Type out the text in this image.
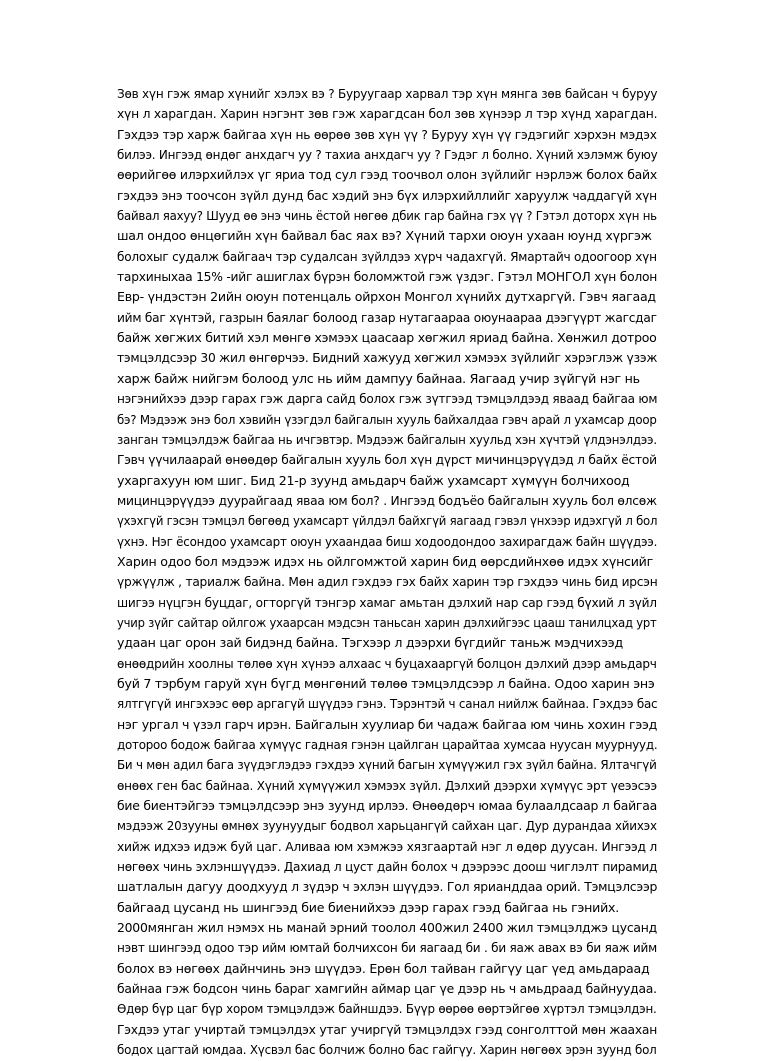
Зөв хүн гэж ямар хүнийг хэлэх вэ ? Буруугаар харвал тэр хүн мянга зөв байсан ч буруу
хүн л харагдан. Харин нэгэнт зөв гэж харагдсан бол зөв хүнээр л тэр хүнд харагдан.
Гэхдээ тэр харж байгаа хүн нь өөрөө зөв хүн үү ? Буруу хүн үү гэдэгийг хэрхэн мэдэх
билээ. Ингээд өндөг анхдагч уу ? тахиа анхдагч уу ? Гэдэг л болно. Хүний хэлэмж буюу
өөрийгөө илэрхийлэх үг яриа тод сул гээд тоочвол олон зүйлийг нэрлэж болох байх
гэхдээ энэ тоочсон зүйл дунд бас хэдий энэ бүх илэрхийллийг харуулж чаддагүй хүн
байвал яахуу? Шууд өө энэ чинь ёстой нөгөө дбик гар байна гэх үү ? Гэтэл доторх хүн нь
шал ондоо өнцөгийн хүн байвал бас яах вэ? Хүний тархи оюун ухаан юунд хүргэж
болохыг судалж байгаач тэр судалсан зүйлдээ хүрч чадахгүй. Ямартайч одоогоор хүн
тархиныхаа 15% -ийг ашиглах бүрэн боломжтой гэж үздэг. Гэтэл МОНГОЛ хүн болон
Евр- үндэстэн 2ийн оюун потенцаль ойрхон Монгол хүнийх дутхаргүй. Гэвч яагаад
ийм баг хүнтэй, газрын баялаг болоод газар нутагаараа оюунаараа дээгүүрт жагсдаг
байж хөгжих битий хэл мөнгө хэмээх цаасаар хөгжил яриад байна. Хөнжил дотроо
тэмцэлдсээр 30 жил өнгөрчээ. Бидний хажууд хөгжил хэмээх зүйлийг хэрэглэж үзэж
харж байж нийгэм болоод улс нь ийм дампуу байнаа. Яагаад учир зүйгүй нэг нь
нэгэнийхээ дээр гарах гэж дарга сайд болох гэж зүтгээд тэмцэлдээд яваад байгаа юм
бэ? Мэдээж энэ бол хэвийн үзэгдэл байгалын хууль байхалдаа гэвч арай л ухамсар доор
занган тэмцэлдэж байгаа нь ичгэвтэр. Мэдээж байгалын хуульд хэн хүчтэй үлдэнэлдээ.
Гэвч үүчилаарай өнөөдөр байгалын хууль бол хүн дүрст мичинцэрүүдэд л байх ёстой
ухаргахуун юм шиг. Бид 21-р зуунд амьдарч байж ухамсарт хүмүүн болчихоод
мицинцэрүүдээ дуурайгаад яваа юм бол? . Ингээд бодъёо байгалын хууль бол өлсөж
үхэхгүй гэсэн тэмцэл бөгөөд ухамсарт үйлдэл байхгүй яагаад гэвэл үнхээр идэхгүй л бол
үхнэ. Нэг ёсондоо ухамсарт оюун ухаандаа биш ходоодондоо захирагдаж байн шүүдээ.
Харин одоо бол мэдээж идэх нь ойлгомжтой харин бид өөрсдийнхөө идэх хүнсийг
үржүүлж , тариалж байна. Мөн адил гэхдээ гэх байх харин тэр гэхдээ чинь бид ирсэн
шигээ нүцгэн буцдаг, огторгүй тэнгэр хамаг амьтан дэлхий нар сар гээд бүхий л зүйл
учир зүйг сайтар ойлгож ухаарсан мэдсэн таньсан харин дэлхийгээс цааш танилцхад урт
удаан цаг орон зай бидэнд байна. Тэгхээр л дээрхи бүгдийг таньж мэдчихээд
өнөөдрийн хоолны төлөө хүн хүнээ алхаас ч буцахааргүй болцон дэлхий дээр амьдарч
буй 7 тэрбум гаруй хүн бүгд мөнгөний төлөө тэмцэлдсээр л байна. Одоо харин энэ
ялтгүгүй ингэхээс өөр аргагүй шүүдээ гэнэ. Тэрэнтэй ч санал нийлж байнаа. Гэхдээ бас
нэг ургал ч үзэл гарч ирэн. Байгалын хуулиар би чадаж байгаа юм чинь хохин гээд
дотороо бодож байгаа хүмүүс гадная гэнэн цайлган царайтаа хумсаа нуусан муурнууд.
Би ч мөн адил бага зүүдэглэдээ гэхдээ хүний багын хүмүүжил гэх зүйл байна. Ялтачгүй
өнөөх ген бас байнаа. Хүний хүмүүжил хэмээх зүйл. Дэлхий дээрхи хүмүүс эрт үеээсээ
бие биентэйгээ тэмцэлдсээр энэ зуунд ирлээ. Өнөөдөрч юмаа булаалдсаар л байгаа
мэдээж 20зууны өмнөх зуунуудыг бодвол харьцангүй сайхан цаг. Дур дурандаа хйихэх
хийж идхээ идэж буй цаг. Аливаа юм хэмжээ хязгаартай нэг л өдөр дуусан. Ингээд л
нөгөөх чинь эхлэншүүдээ. Дахиад л цуст дайн болох ч дээрээс доош чиглэлт пирамид
шатлалын дагуу доодхууд л зүдэр ч эхлэн шүүдээ. Гол ярианддаа орий. Тэмцэлсээр
байгаад цусанд нь шингээд бие биенийхээ дээр гарах гээд байгаа нь гэнийх.
2000мянган жил нэмэх нь манай эрний тоолол 400жил 2400 жил тэмцэлджэ цусанд
нэвт шингээд одоо тэр ийм юмтай болчихсон би яагаад би . би яаж авах вэ би яаж ийм
болох вэ нөгөөх дайнчинь энэ шүүдээ. Ерөн бол тайван гайгүу цаг үед амьдараад
байнаа гэж бодсон чинь бараг хамгийн аймар цаг үе дээр нь ч амьдраад байнуудаа.
Өдөр бүр цаг бүр хором тэмцэлдэж байншдээ. Бүүр өөрөө өөртэйгөө хүртэл тэмцэлдэн.
Гэхдээ утаг учиртай тэмцэлдэх утаг учиргүй тэмцэлдэх гээд сонголттой мөн жаахан
бодох цагтай юмдаа. Хүсвэл бас болчиж болно бас гайгүу. Харин нөгөөх эрэн зуунд бол
